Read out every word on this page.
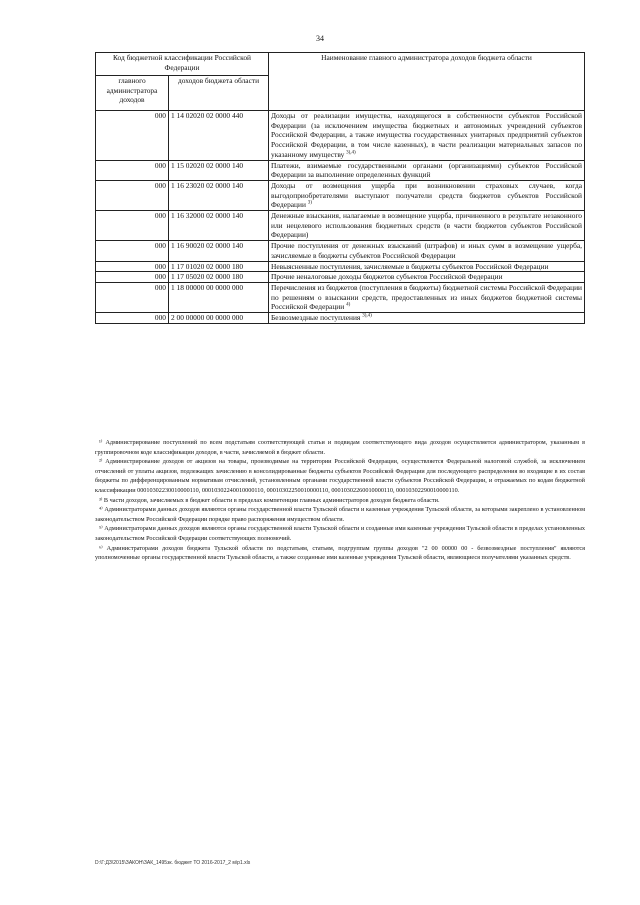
34
Код бюджетной классификации Российской Федерации		Наименование главного администратора доходов бюджета области
главного администратора доходов	доходов бюджета области	
000	1 14 02020 02 0000 440	Доходы от реализации имущества, находящегося в собственности субъектов Российской Федерации (за исключением имущества бюджетных и автономных учреждений субъектов Российской Федерации, а также имущества государственных унитарных предприятий субъектов Российской Федерации, в том числе казенных), в части реализации материальных запасов по указанному имуществу $^{3),4)}$
000	1 15 02020 02 0000 140	Платежи, взимаемые государственными органами (организациями) субъектов Российской Федерации за выполнение определенных функций
000	1 16 23020 02 0000 140	Доходы от возмещения ущерба при возникновении страховых случаев, когда выгодоприобретателями выступают получатели средств бюджетов субъектов Российской Федерации $^{3)}$
000	1 16 32000 02 0000 140	Денежные взыскания, налагаемые в возмещение ущерба, причиненного в результате незаконного или нецелевого использования бюджетных средств (в части бюджетов субъектов Российской Федерации)
000	1 16 90020 02 0000 140	Прочие поступления от денежных взысканий (штрафов) и иных сумм в возмещение ущерба, зачисляемые в бюджеты субъектов Российской Федерации
000	1 17 01020 02 0000 180	Невыясненные поступления, зачисляемые в бюджеты субъектов Российской Федерации
000	1 17 05020 02 0000 180	Прочие неналоговые доходы бюджетов субъектов Российской Федерации
000	1 18 00000 00 0000 000	Перечисления из бюджетов (поступления в бюджеты) бюджетной системы Российской Федерации по решениям о взыскании средств, предоставленных из иных бюджетов бюджетной системы Российской Федерации $^{4)}$
000	2 00 00000 00 0000 000	Безвозмездные поступления $^{3),4)}$

¹⁾ Администрирование поступлений по всем подстатьям соответствующей статьи и подвидам соответствующего вида доходов осуществляется администратором, указанным в группировочном коде классификации доходов, в части, зачисляемой в бюджет области.

²⁾ Администрирование доходов от акцизов на товары, производимые на территории Российской Федерации, осуществляется Федеральной налоговой службой, за исключением отчислений от уплаты акцизов, подлежащих зачислению в консолидированные бюджеты субъектов Российской Федерации для последующего распределения во входящие в их состав бюджеты по дифференцированным нормативам отчислений, установленным органами государственной власти субъектов Российской Федерации, и отражаемых по кодам бюджетной классификации 00010302230010000110, 00010302240010000110, 00010302250010000110, 00010302260010000110, 00010302290010000110.

³⁾ В части доходов, зачисляемых в бюджет области в пределах компетенции главных администраторов доходов бюджета области.

⁴⁾ Администраторами данных доходов являются органы государственной власти Тульской области и казенные учреждения Тульской области, за которыми закреплено в установленном законодательством Российской Федерации порядке право распоряжения имуществом области.

⁵⁾ Администраторами данных доходов являются органы государственной власти Тульской области и созданные ими казенные учреждения Тульской области в пределах установленных законодательством Российской Федерации соответствующих полномочий.

⁶⁾ Администраторами доходов бюджета Тульской области по подстатьям, статьям, подгруппам группы доходов "2 00 00000 00 - безвозмездные поступления" являются уполномоченные органы государственной власти Тульской области, а также созданные ими казенные учреждения Тульской области, являющиеся получателями указанных средств.

D:\Г:ДЗ\2015\ЗАКОН\ЗАК_1495зк. бюджет ТО 2016-2017_2 м\p1.xls
